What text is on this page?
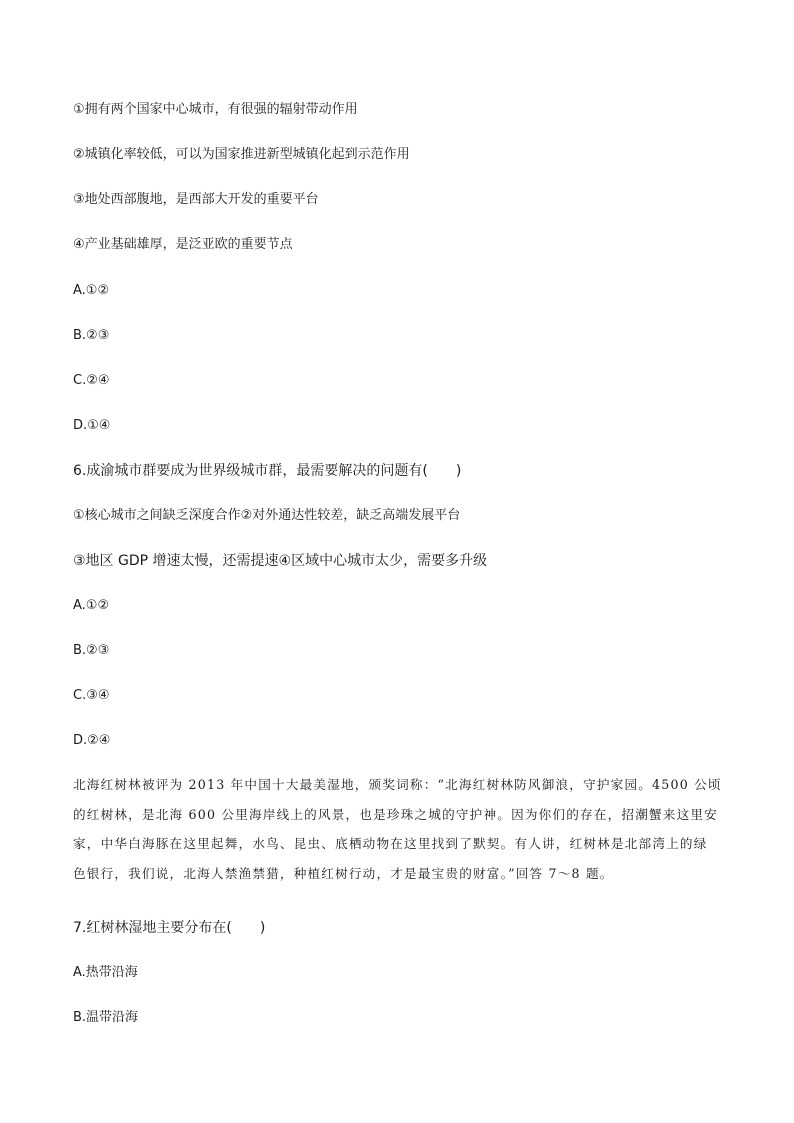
①拥有两个国家中心城市，有很强的辐射带动作用
②城镇化率较低，可以为国家推进新型城镇化起到示范作用
③地处西部腹地，是西部大开发的重要平台
④产业基础雄厚，是泛亚欧的重要节点
A.①②
B.②③
C.②④
D.①④
6.成渝城市群要成为世界级城市群，最需要解决的问题有(　　)
①核心城市之间缺乏深度合作②对外通达性较差，缺乏高端发展平台
③地区 GDP 增速太慢，还需提速④区域中心城市太少，需要多升级
A.①②
B.②③
C.③④
D.②④

北海红树林被评为 2013 年中国十大最美湿地，颁奖词称：“北海红树林防风御浪，守护家园。4500 公顷

的红树林，是北海 600 公里海岸线上的风景，也是珍珠之城的守护神。因为你们的存在，招潮蟹来这里安

家，中华白海豚在这里起舞，水鸟、昆虫、底栖动物在这里找到了默契。有人讲，红树林是北部湾上的绿

色银行，我们说，北海人禁渔禁猎，种植红树行动，才是最宝贵的财富。”回答 7～8 题。

7.红树林湿地主要分布在(　　)
A.热带沿海
B.温带沿海
